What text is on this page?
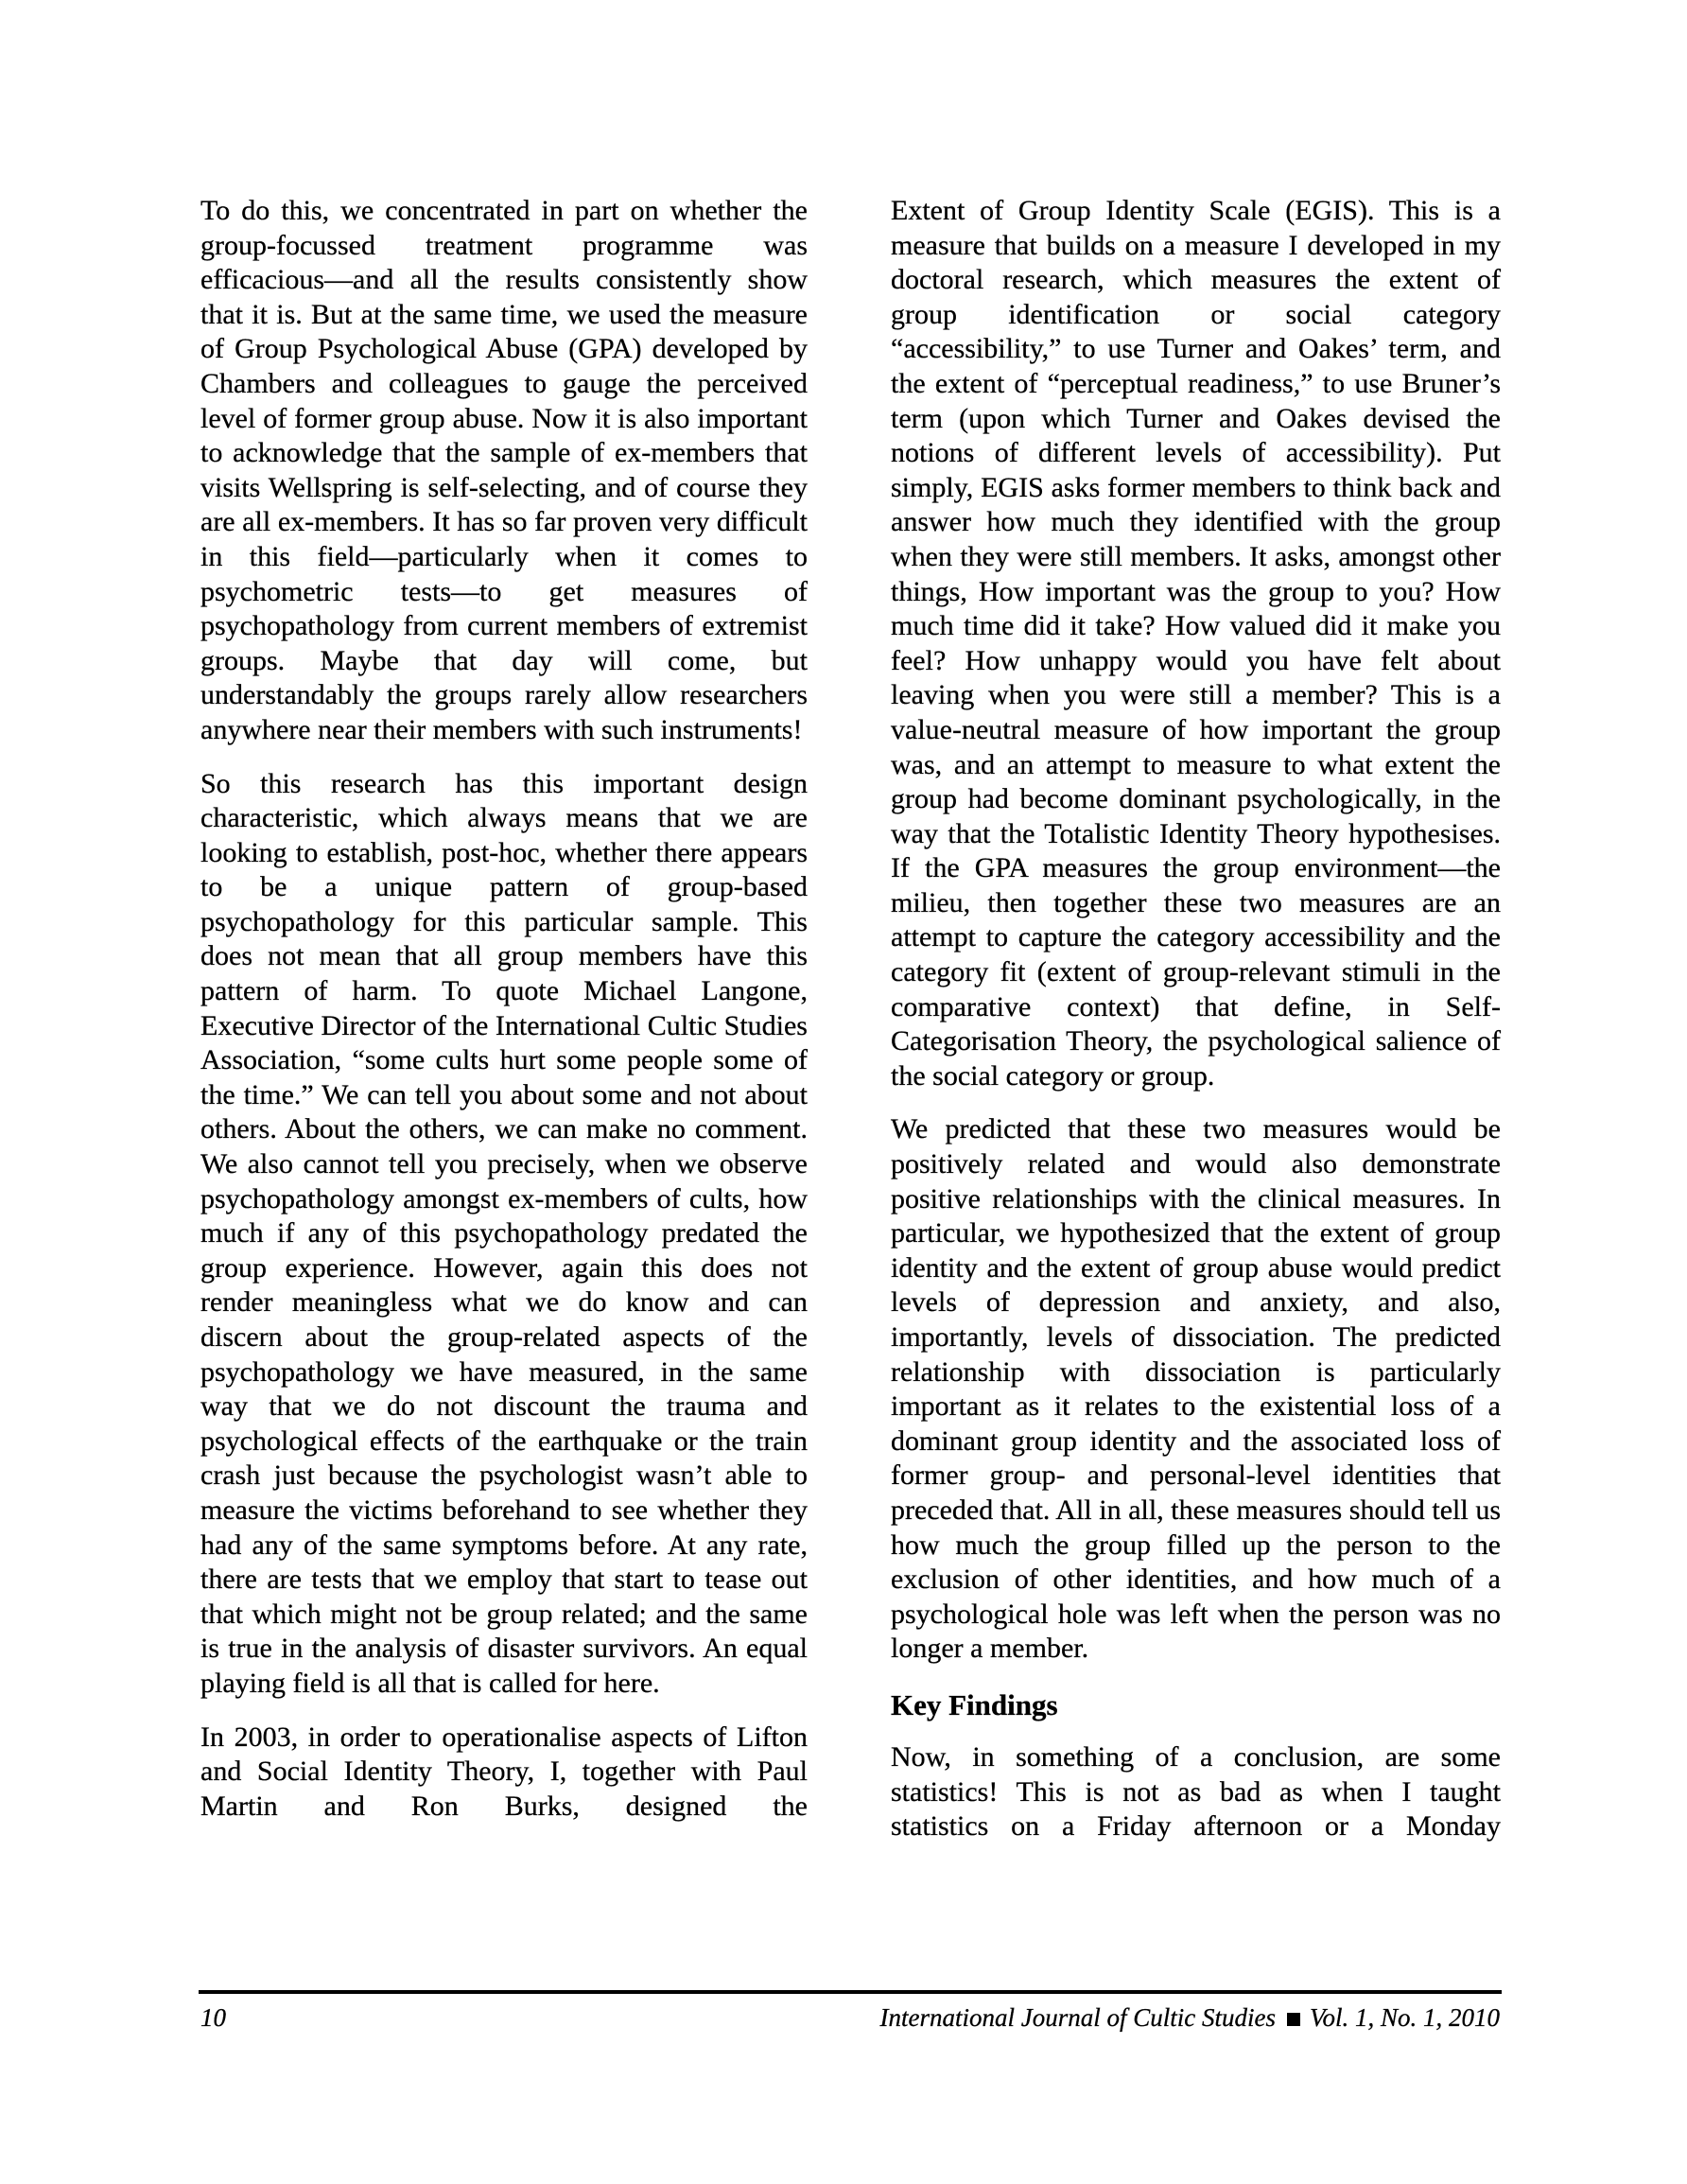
To do this, we concentrated in part on whether the group-focussed treatment programme was efficacious—and all the results consistently show that it is. But at the same time, we used the measure of Group Psychological Abuse (GPA) developed by Chambers and colleagues to gauge the perceived level of former group abuse. Now it is also important to acknowledge that the sample of ex-members that visits Wellspring is self-selecting, and of course they are all ex-members. It has so far proven very difficult in this field—particularly when it comes to psychometric tests—to get measures of psychopathology from current members of extremist groups. Maybe that day will come, but understandably the groups rarely allow researchers anywhere near their members with such instruments!

So this research has this important design characteristic, which always means that we are looking to establish, post-hoc, whether there appears to be a unique pattern of group-based psychopathology for this particular sample. This does not mean that all group members have this pattern of harm. To quote Michael Langone, Executive Director of the International Cultic Studies Association, “some cults hurt some people some of the time.” We can tell you about some and not about others. About the others, we can make no comment. We also cannot tell you precisely, when we observe psychopathology amongst ex-members of cults, how much if any of this psychopathology predated the group experience. However, again this does not render meaningless what we do know and can discern about the group-related aspects of the psychopathology we have measured, in the same way that we do not discount the trauma and psychological effects of the earthquake or the train crash just because the psychologist wasn’t able to measure the victims beforehand to see whether they had any of the same symptoms before. At any rate, there are tests that we employ that start to tease out that which might not be group related; and the same is true in the analysis of disaster survivors. An equal playing field is all that is called for here.

In 2003, in order to operationalise aspects of Lifton and Social Identity Theory, I, together with Paul Martin and Ron Burks, designed the

Extent of Group Identity Scale (EGIS). This is a measure that builds on a measure I developed in my doctoral research, which measures the extent of group identification or social category “accessibility,” to use Turner and Oakes’ term, and the extent of “perceptual readiness,” to use Bruner’s term (upon which Turner and Oakes devised the notions of different levels of accessibility). Put simply, EGIS asks former members to think back and answer how much they identified with the group when they were still members. It asks, amongst other things, How important was the group to you? How much time did it take? How valued did it make you feel? How unhappy would you have felt about leaving when you were still a member? This is a value-neutral measure of how important the group was, and an attempt to measure to what extent the group had become dominant psychologically, in the way that the Totalistic Identity Theory hypothesises. If the GPA measures the group environment—the milieu, then together these two measures are an attempt to capture the category accessibility and the category fit (extent of group-relevant stimuli in the comparative context) that define, in Self-Categorisation Theory, the psychological salience of the social category or group.

We predicted that these two measures would be positively related and would also demonstrate positive relationships with the clinical measures. In particular, we hypothesized that the extent of group identity and the extent of group abuse would predict levels of depression and anxiety, and also, importantly, levels of dissociation. The predicted relationship with dissociation is particularly important as it relates to the existential loss of a dominant group identity and the associated loss of former group- and personal-level identities that preceded that. All in all, these measures should tell us how much the group filled up the person to the exclusion of other identities, and how much of a psychological hole was left when the person was no longer a member.

Key Findings

Now, in something of a conclusion, are some statistics! This is not as bad as when I taught statistics on a Friday afternoon or a Monday

10	International Journal of Cultic Studies Vol. 1, No. 1, 2010
